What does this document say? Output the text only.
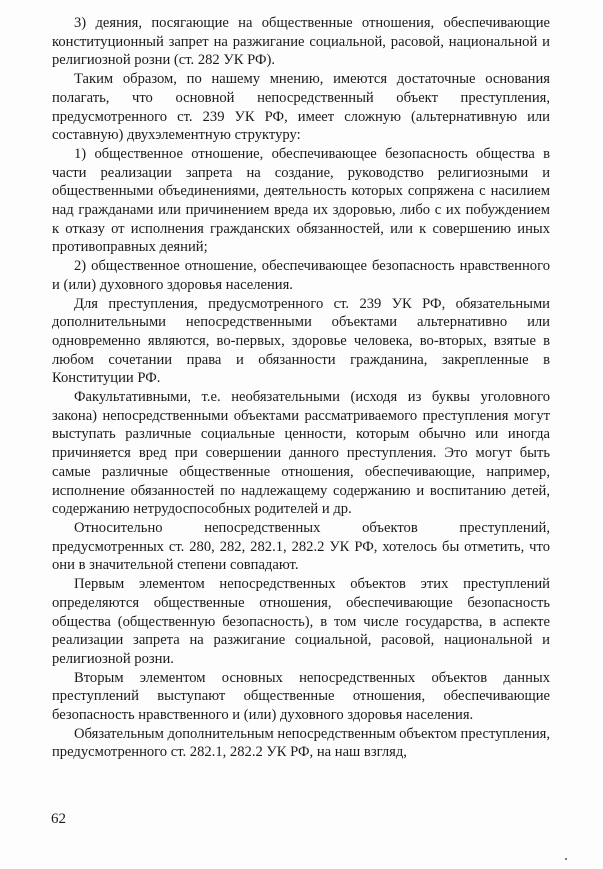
3) деяния, посягающие на общественные отношения, обеспечивающие конституционный запрет на разжигание социальной, расовой, национальной и религиозной розни (ст. 282 УК РФ).

Таким образом, по нашему мнению, имеются достаточные основания полагать, что основной непосредственный объект преступления, предусмотренного ст. 239 УК РФ, имеет сложную (альтернативную или составную) двухэлементную структуру:

1) общественное отношение, обеспечивающее безопасность общества в части реализации запрета на создание, руководство религиозными и общественными объединениями, деятельность которых сопряжена с насилием над гражданами или причинением вреда их здоровью, либо с их побуждением к отказу от исполнения гражданских обязанностей, или к совершению иных противоправных деяний;

2) общественное отношение, обеспечивающее безопасность нравственного и (или) духовного здоровья населения.

Для преступления, предусмотренного ст. 239 УК РФ, обязательными дополнительными непосредственными объектами альтернативно или одновременно являются, во-первых, здоровье человека, во-вторых, взятые в любом сочетании права и обязанности гражданина, закрепленные в Конституции РФ.

Факультативными, т.е. необязательными (исходя из буквы уголовного закона) непосредственными объектами рассматриваемого преступления могут выступать различные социальные ценности, которым обычно или иногда причиняется вред при совершении данного преступления. Это могут быть самые различные общественные отношения, обеспечивающие, например, исполнение обязанностей по надлежащему содержанию и воспитанию детей, содержанию нетрудоспособных родителей и др.

Относительно непосредственных объектов преступлений, предусмотренных ст. 280, 282, 282.1, 282.2 УК РФ, хотелось бы отметить, что они в значительной степени совпадают.

Первым элементом непосредственных объектов этих преступлений определяются общественные отношения, обеспечивающие безопасность общества (общественную безопасность), в том числе государства, в аспекте реализации запрета на разжигание социальной, расовой, национальной и религиозной розни.

Вторым элементом основных непосредственных объектов данных преступлений выступают общественные отношения, обеспечивающие безопасность нравственного и (или) духовного здоровья населения.

Обязательным дополнительным непосредственным объектом преступления, предусмотренного ст. 282.1, 282.2 УК РФ, на наш взгляд,

62
